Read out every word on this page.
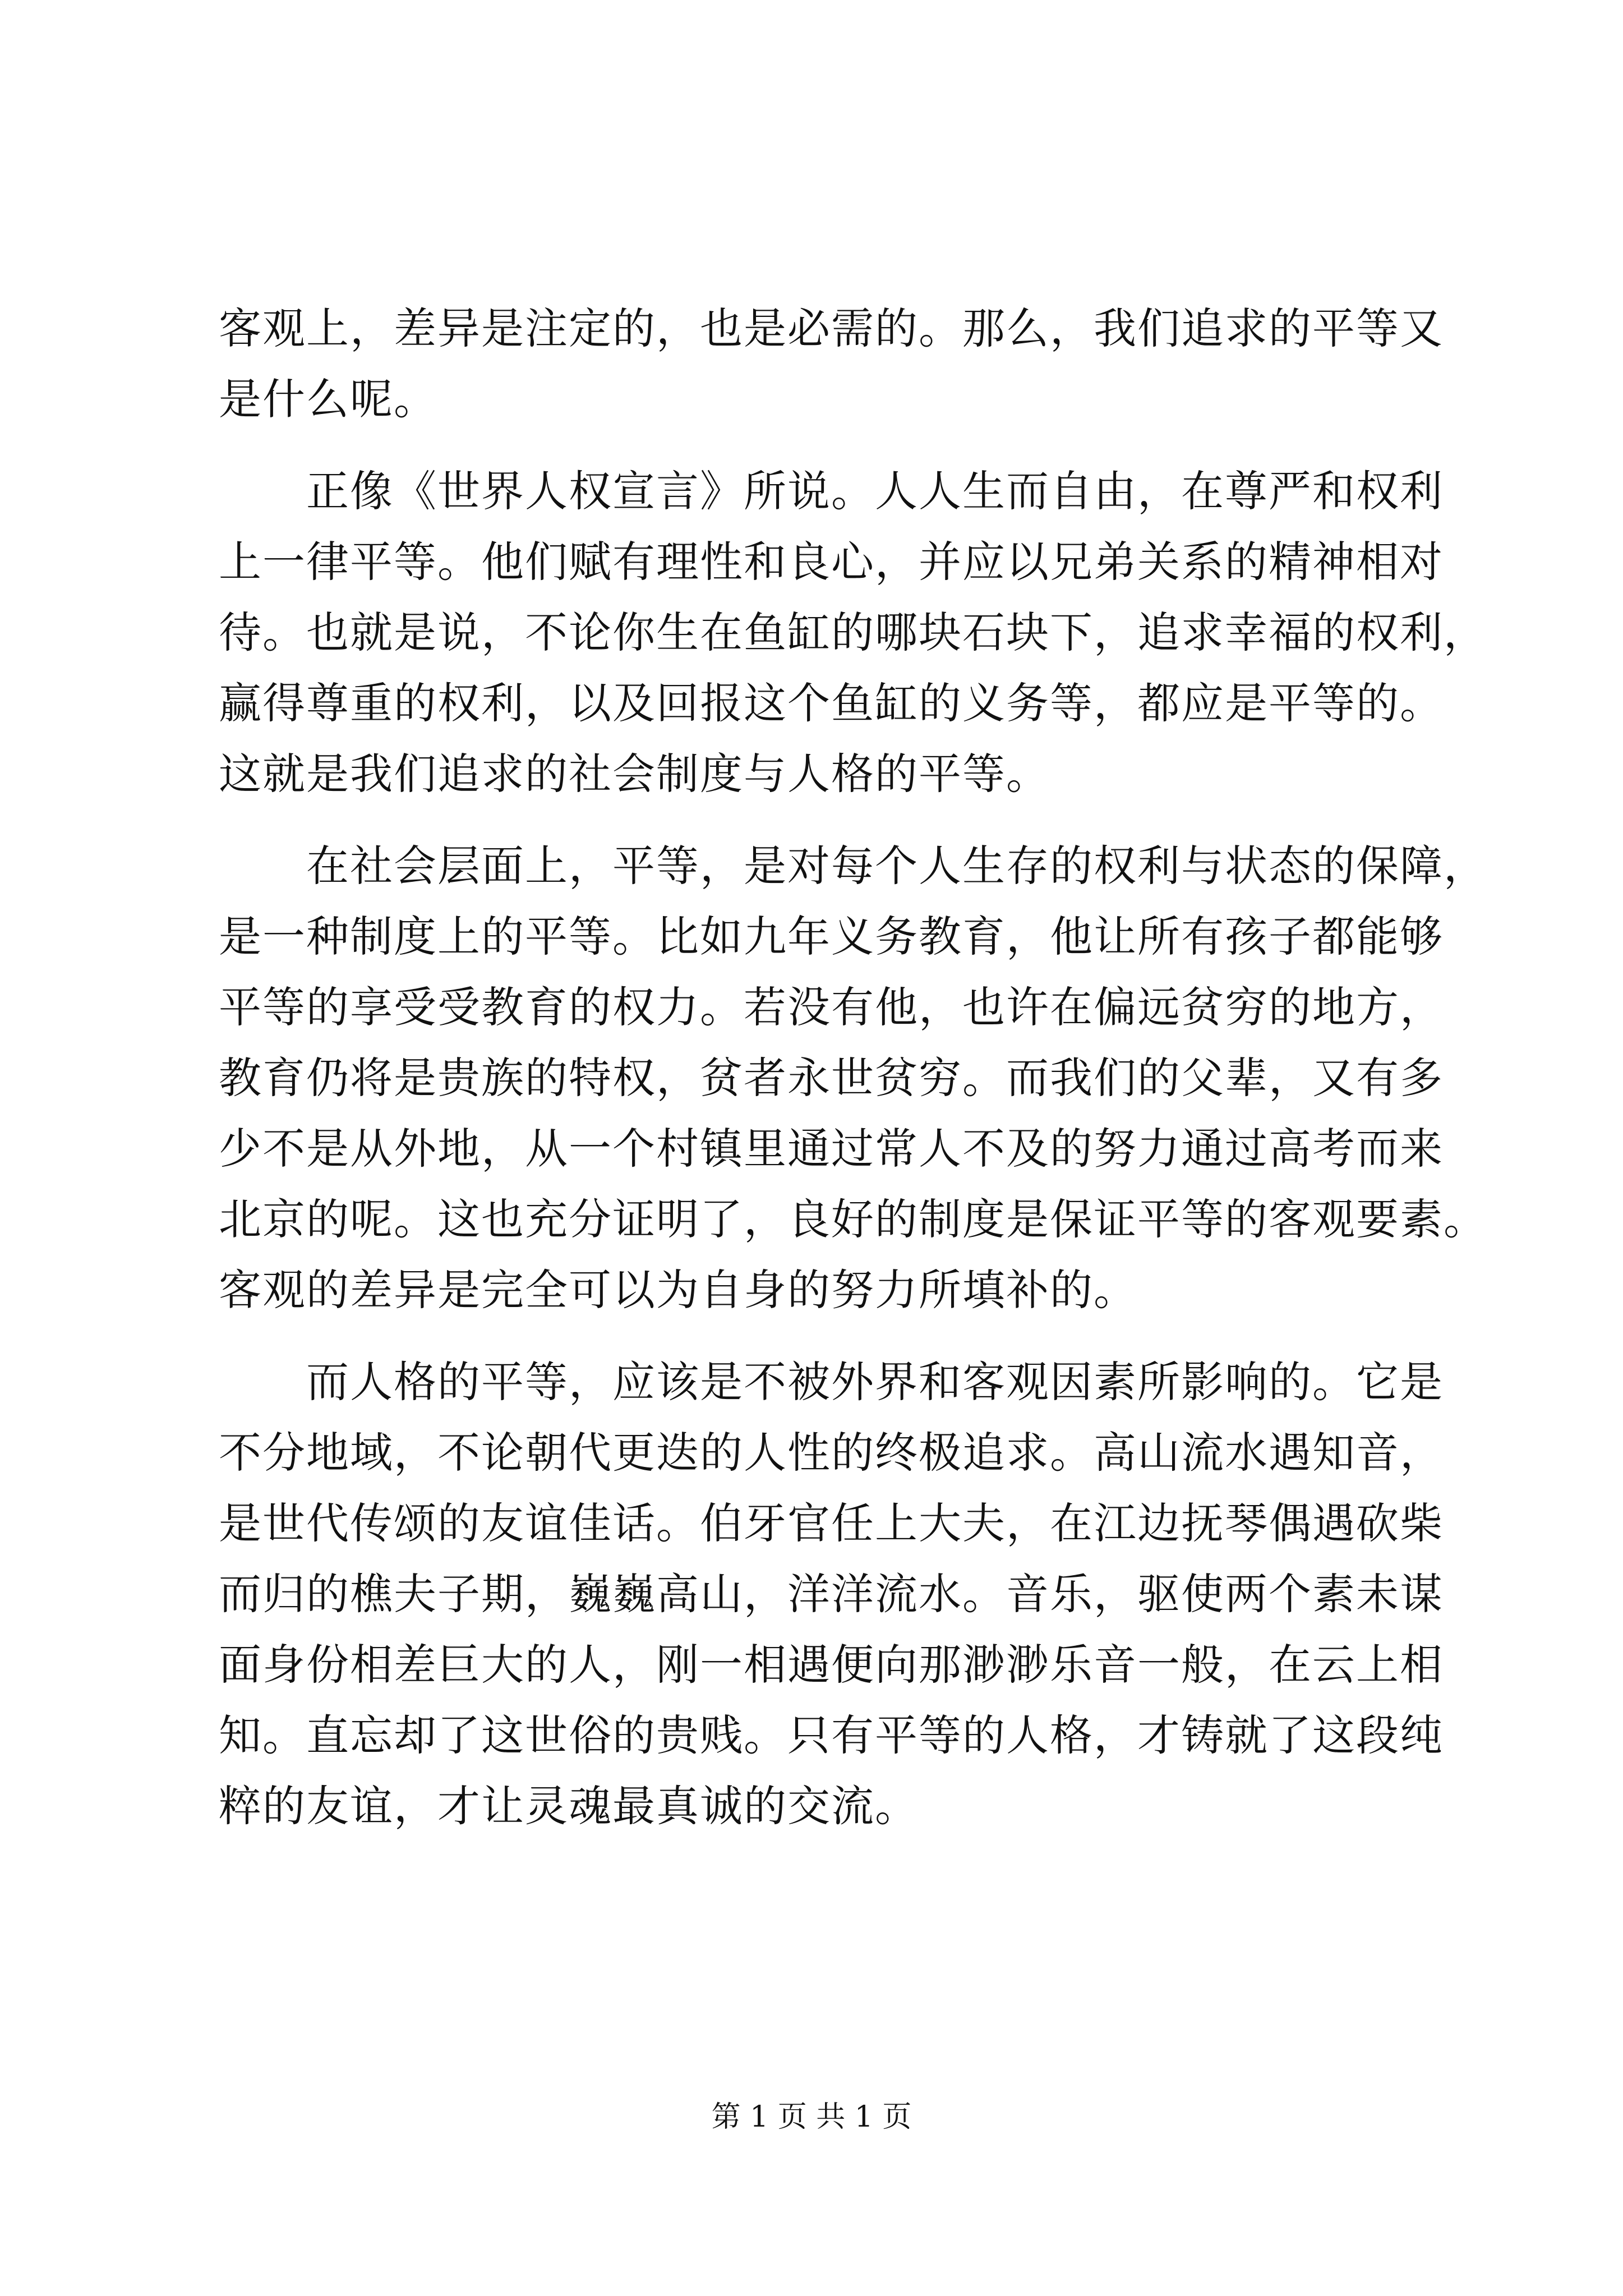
客观上，差异是注定的，也是必需的。那么，我们追求的平等又
是什么呢。
正像《世界人权宣言》所说。人人生而自由，在尊严和权利
上一律平等。他们赋有理性和良心，并应以兄弟关系的精神相对
待。也就是说，不论你生在鱼缸的哪块石块下，追求幸福的权利，
赢得尊重的权利，以及回报这个鱼缸的义务等，都应是平等的。
这就是我们追求的社会制度与人格的平等。
在社会层面上，平等，是对每个人生存的权利与状态的保障，
是一种制度上的平等。比如九年义务教育，他让所有孩子都能够
平等的享受受教育的权力。若没有他，也许在偏远贫穷的地方，
教育仍将是贵族的特权，贫者永世贫穷。而我们的父辈，又有多
少不是从外地，从一个村镇里通过常人不及的努力通过高考而来
北京的呢。这也充分证明了，良好的制度是保证平等的客观要素。
客观的差异是完全可以为自身的努力所填补的。
而人格的平等，应该是不被外界和客观因素所影响的。它是
不分地域，不论朝代更迭的人性的终极追求。高山流水遇知音，
是世代传颂的友谊佳话。伯牙官任上大夫，在江边抚琴偶遇砍柴
而归的樵夫子期，巍巍高山，洋洋流水。音乐，驱使两个素未谋
面身份相差巨大的人，刚一相遇便向那渺渺乐音一般，在云上相
知。直忘却了这世俗的贵贱。只有平等的人格，才铸就了这段纯
粹的友谊，才让灵魂最真诚的交流。
第 1 页 共 1 页
